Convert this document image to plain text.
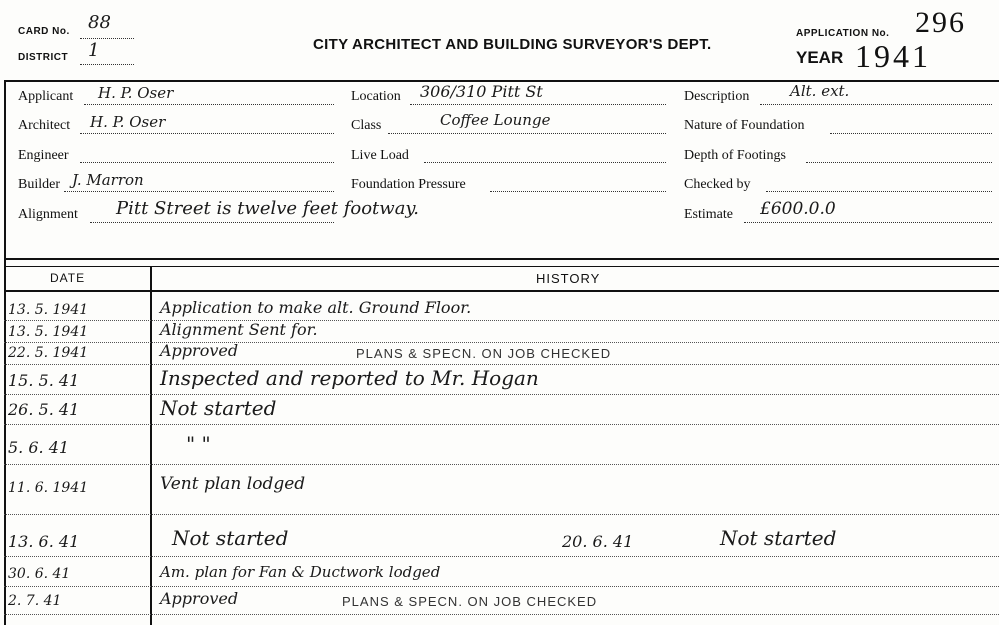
CARD No. 88
DISTRICT 1	CITY ARCHITECT AND BUILDING SURVEYOR'S DEPT.
APPLICATION No. 296
YEAR 1941
Applicant H. P. Oser
Architect H. P. Oser
Engineer
Builder J. Marron
Alignment Pitt Street is twelve feet footway.
Location 306/310 Pitt St
Class	Coffee Lounge
Live Load
Foundation Pressure
Description	Alt. ext.
Nature of Foundation
Depth of Footings
Checked by
Estimate £600.0.0
DATE	HISTORY
13. 5. 1941	Application to make alt. Ground Floor.
13. 5. 1941	Alignment Sent for.
22. 5. 1941	Approved	PLANS & SPECN. ON JOB CHECKED
15. 5. 41	Inspected and reported to Mr. Hogan
26. 5. 41	Not started
5. 6. 41	" "
11. 6. 1941	Vent plan lodged
13. 6. 41	Not started	20. 6. 41	Not started
30. 6. 41	Am. plan for Fan & Ductwork lodged
2. 7. 41	Approved	PLANS & SPECN. ON JOB CHECKED
